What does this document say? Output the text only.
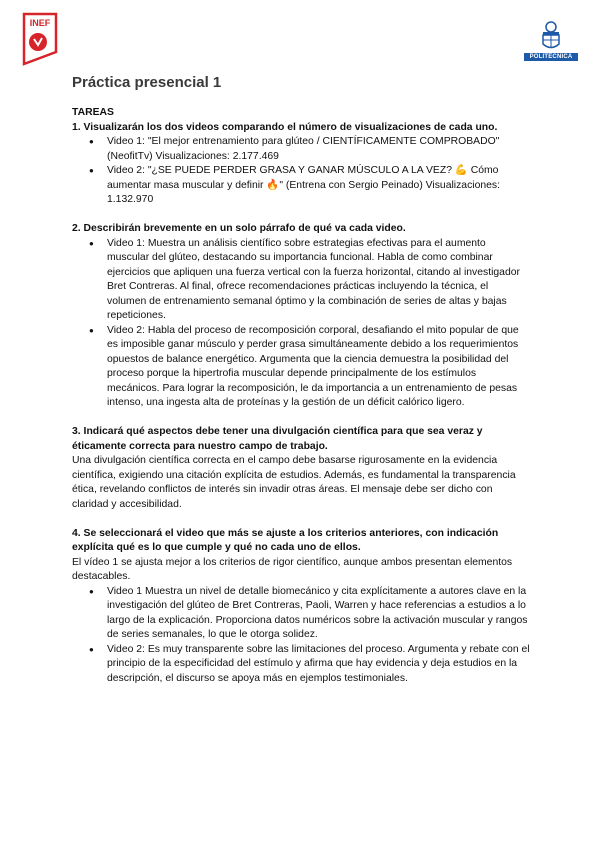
INEF
POLITÉCNICA
Práctica presencial 1

TAREAS

1. Visualizarán los dos videos comparando el número de visualizaciones de cada uno.

● Video 1: "El mejor entrenamiento para glúteo / CIENTÍFICAMENTE COMPROBADO" (NeofitTv) Visualizaciones: 2.177.469
● Video 2: "¿SE PUEDE PERDER GRASA Y GANAR MÚSCULO A LA VEZ? 💪 Cómo aumentar masa muscular y definir 🔥" (Entrena con Sergio Peinado) Visualizaciones: 1.132.970

2. Describirán brevemente en un solo párrafo de qué va cada video.

● Video 1: Muestra un análisis científico sobre estrategias efectivas para el aumento muscular del glúteo, destacando su importancia funcional. Habla de como combinar ejercicios que apliquen una fuerza vertical con la fuerza horizontal, citando al investigador Bret Contreras. Al final, ofrece recomendaciones prácticas incluyendo la técnica, el volumen de entrenamiento semanal óptimo y la combinación de series de altas y bajas repeticiones.
● Video 2: Habla del proceso de recomposición corporal, desafiando el mito popular de que es imposible ganar músculo y perder grasa simultáneamente debido a los requerimientos opuestos de balance energético. Argumenta que la ciencia demuestra la posibilidad del proceso porque la hipertrofia muscular depende principalmente de los estímulos mecánicos. Para lograr la recomposición, le da importancia a un entrenamiento de pesas intenso, una ingesta alta de proteínas y la gestión de un déficit calórico ligero.

3. Indicará qué aspectos debe tener una divulgación científica para que sea veraz y éticamente correcta para nuestro campo de trabajo.

Una divulgación científica correcta en el campo debe basarse rigurosamente en la evidencia científica, exigiendo una citación explícita de estudios. Además, es fundamental la transparencia ética, revelando conflictos de interés sin invadir otras áreas. El mensaje debe ser dicho con claridad y accesibilidad.

4. Se seleccionará el video que más se ajuste a los criterios anteriores, con indicación explícita qué es lo que cumple y qué no cada uno de ellos.

El vídeo 1 se ajusta mejor a los criterios de rigor científico, aunque ambos presentan elementos destacables.

● Video 1 Muestra un nivel de detalle biomecánico y cita explícitamente a autores clave en la investigación del glúteo de Bret Contreras, Paoli, Warren y hace referencias a estudios a lo largo de la explicación. Proporciona datos numéricos sobre la activación muscular y rangos de series semanales, lo que le otorga solidez.
● Video 2: Es muy transparente sobre las limitaciones del proceso. Argumenta y rebate con el principio de la especificidad del estímulo y afirma que hay evidencia y deja estudios en la descripción, el discurso se apoya más en ejemplos testimoniales.
